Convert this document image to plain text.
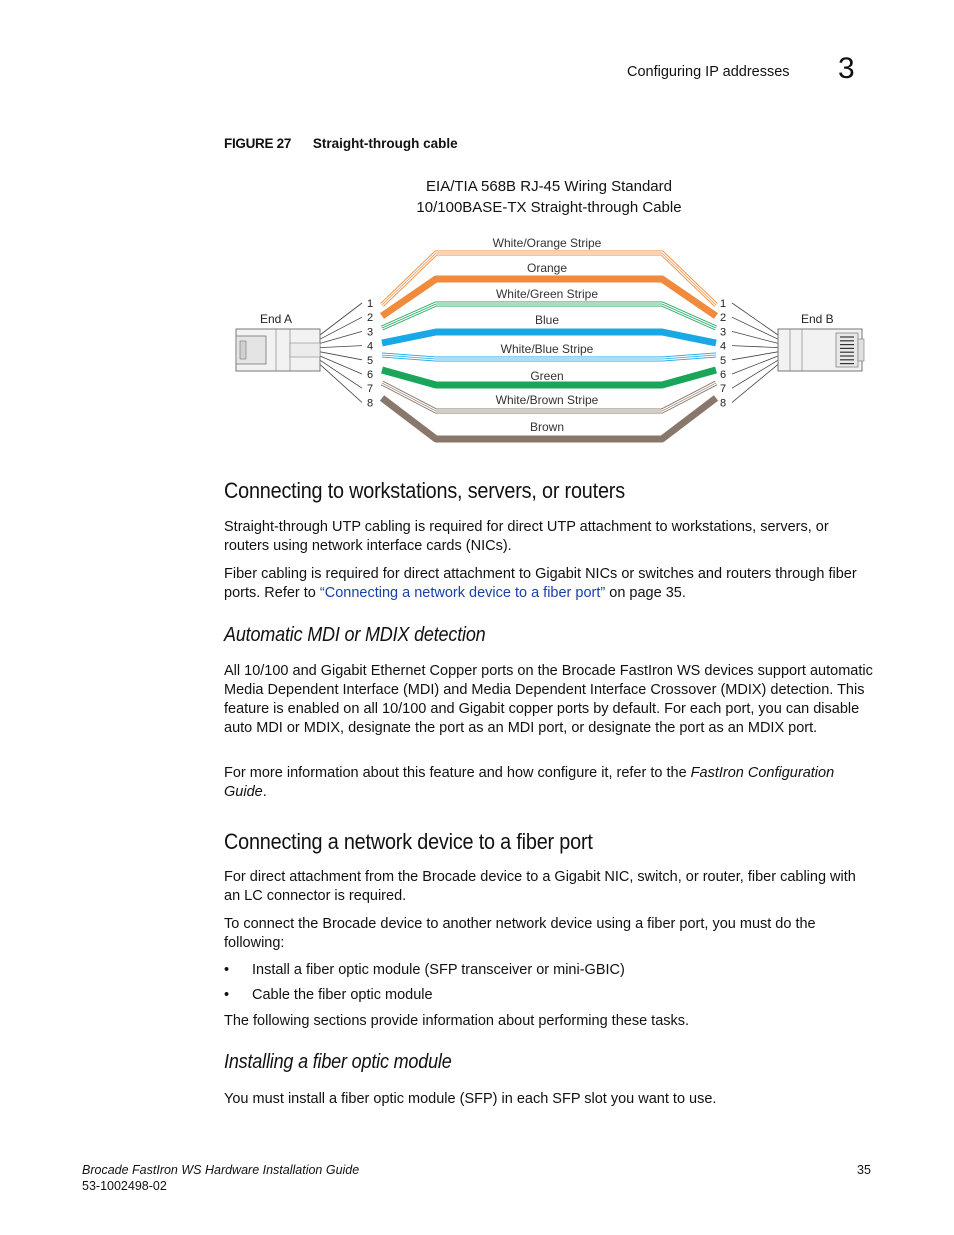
Configuring IP addresses 3
FIGURE 27 Straight-through cable
EIA/TIA 568B RJ-45 Wiring Standard
10/100BASE-TX Straight-through Cable
End A	End B
1
2
3
4
5
6
7
8
1
2
3
4
5
6
7
8
White/Orange Stripe
Orange
White/Green Stripe
Blue
White/Blue Stripe
Green
White/Brown Stripe
Brown
Connecting to workstations, servers, or routers

Straight-through UTP cabling is required for direct UTP attachment to workstations, servers, or routers using network interface cards (NICs).

Fiber cabling is required for direct attachment to Gigabit NICs or switches and routers through fiber ports. Refer to “Connecting a network device to a fiber port” on page 35.

Automatic MDI or MDIX detection

All 10/100 and Gigabit Ethernet Copper ports on the Brocade FastIron WS devices support automatic Media Dependent Interface (MDI) and Media Dependent Interface Crossover (MDIX) detection. This feature is enabled on all 10/100 and Gigabit copper ports by default. For each port, you can disable auto MDI or MDIX, designate the port as an MDI port, or designate the port as an MDIX port.

For more information about this feature and how configure it, refer to the FastIron Configuration Guide.

Connecting a network device to a fiber port

For direct attachment from the Brocade device to a Gigabit NIC, switch, or router, fiber cabling with an LC connector is required.

To connect the Brocade device to another network device using a fiber port, you must do the following:

• Install a fiber optic module (SFP transceiver or mini-GBIC)
• Cable the fiber optic module

The following sections provide information about performing these tasks.

Installing a fiber optic module

You must install a fiber optic module (SFP) in each SFP slot you want to use.

Brocade FastIron WS Hardware Installation Guide
53-1002498-02
35
